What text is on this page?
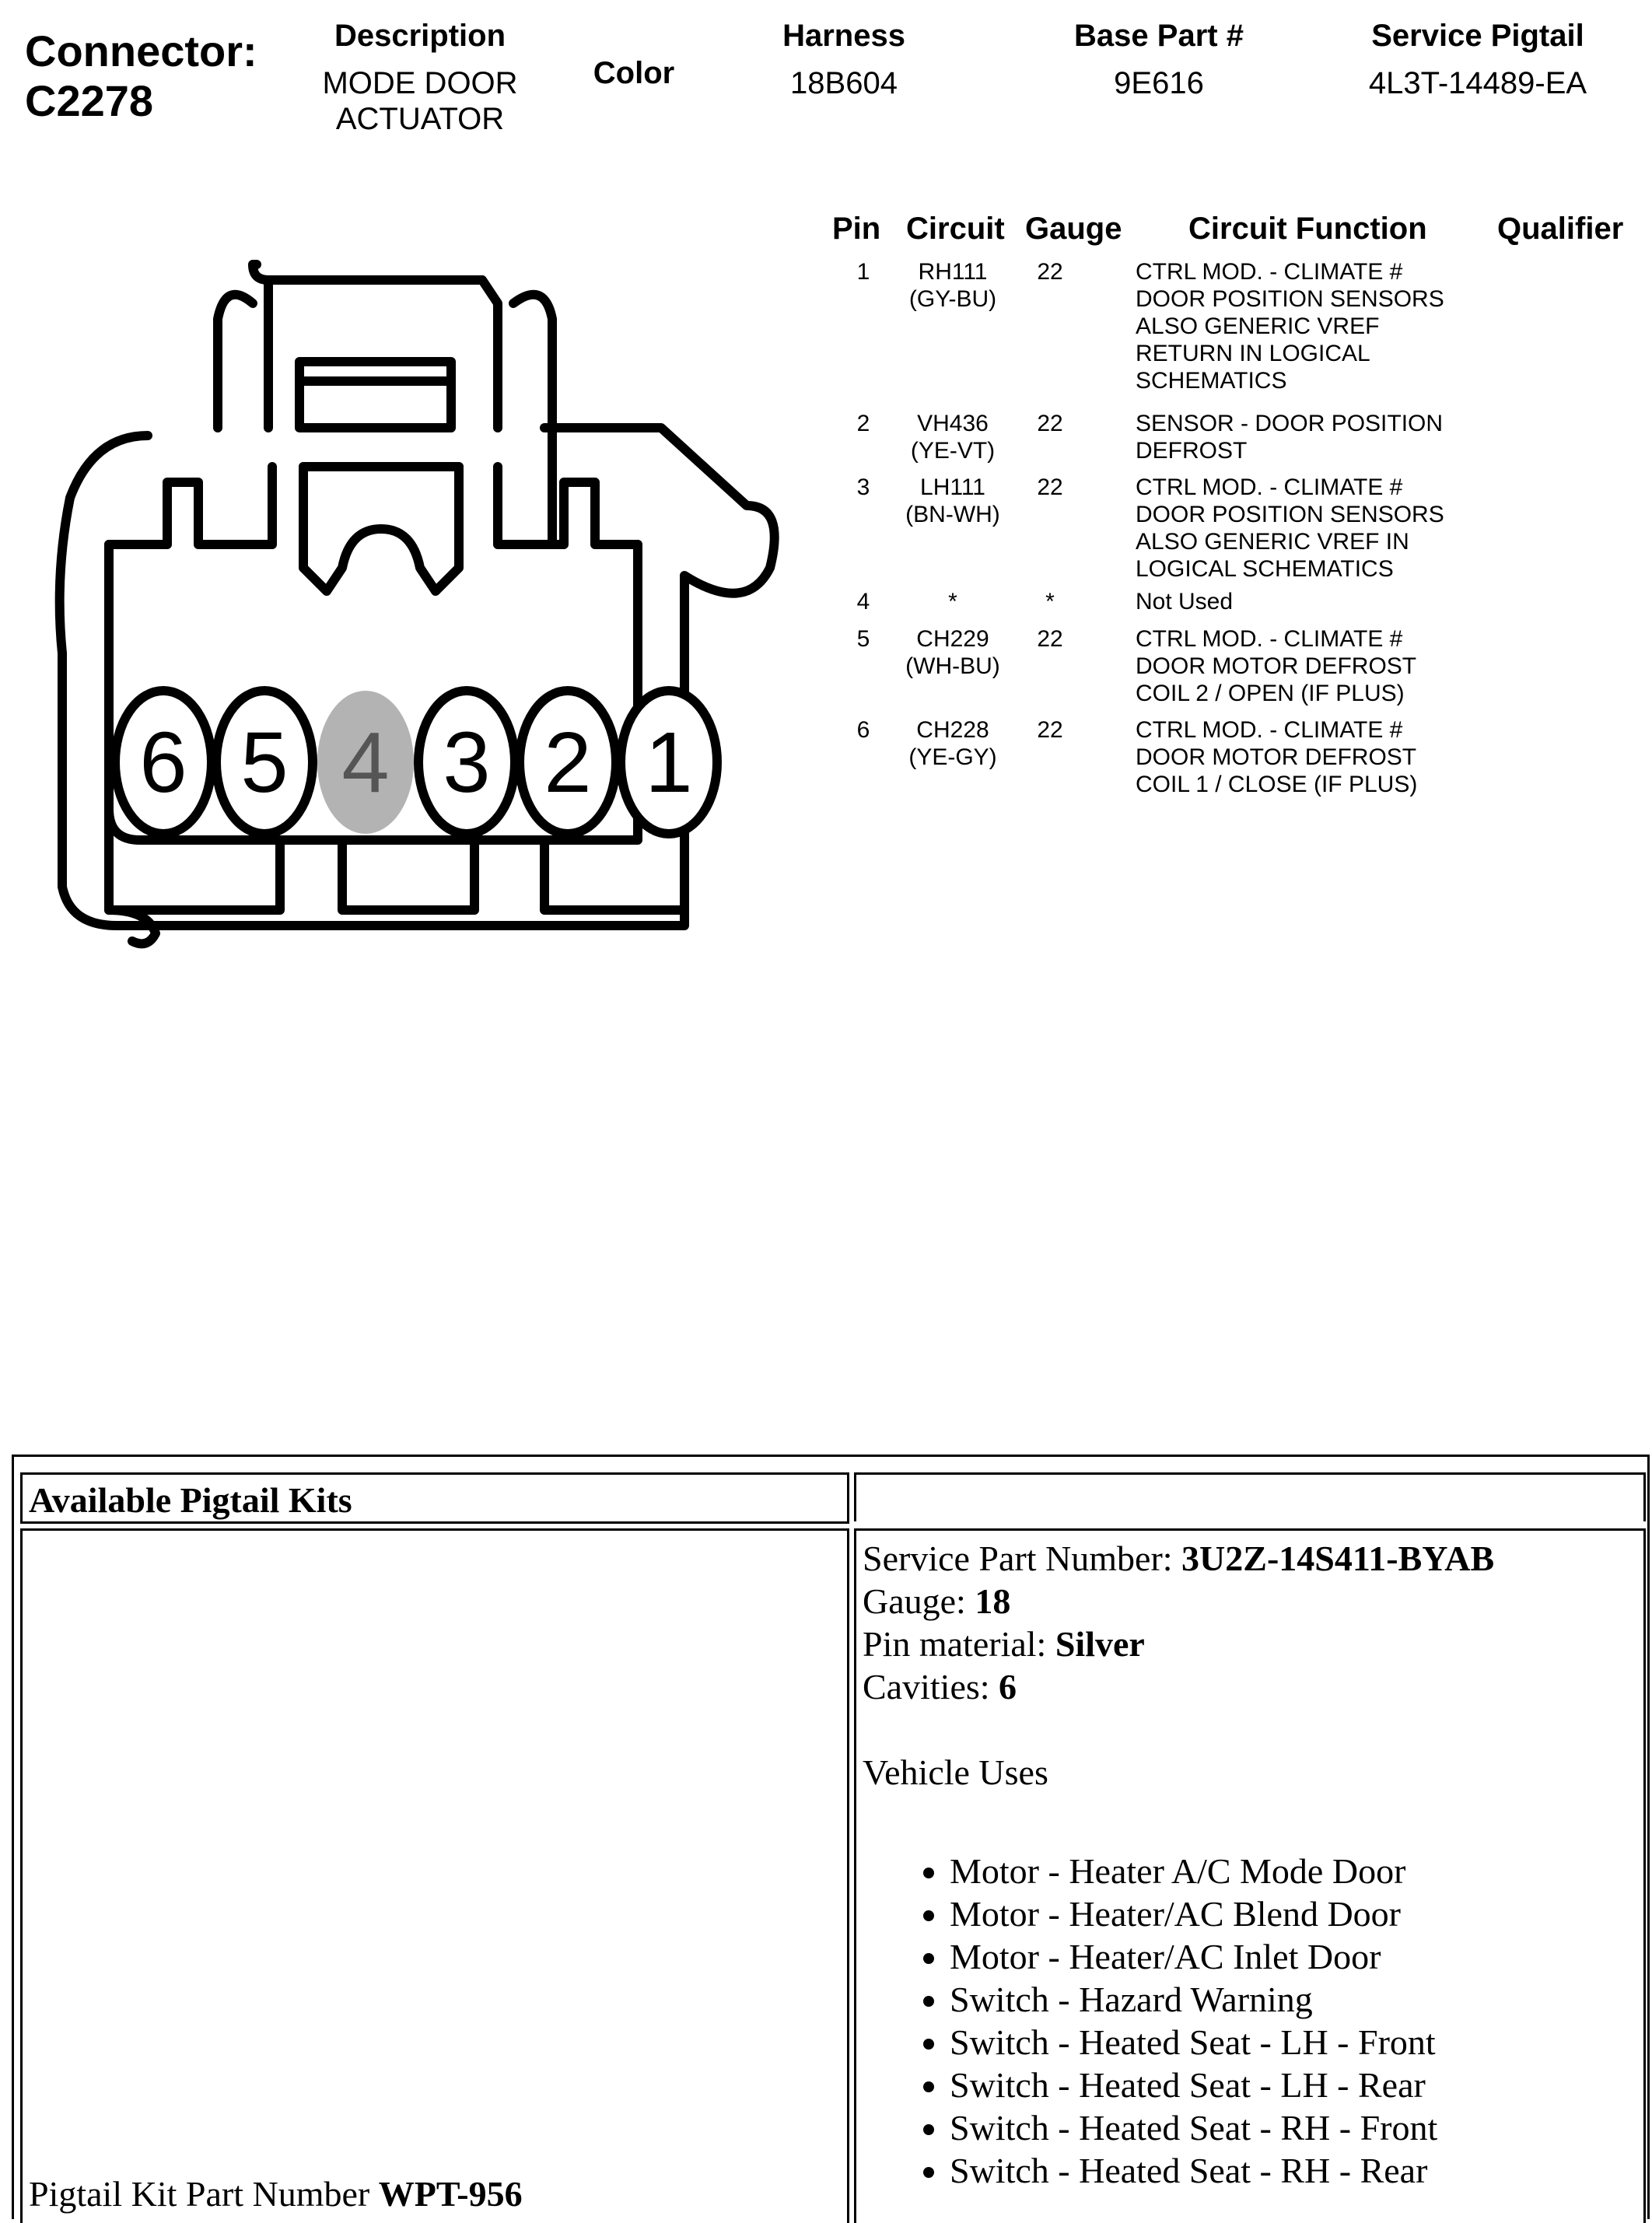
Connector:
C2278
Description
MODE DOOR
ACTUATOR
Color
Harness
18B604
Base Part #
9E616
Service Pigtail
4L3T-14489-EA
6 5 4 3 2 1
Pin Circuit Gauge Circuit Function Qualifier
1	RH111
(GY-BU)
22	CTRL MOD. - CLIMATE #
DOOR POSITION SENSORS
ALSO GENERIC VREF
RETURN IN LOGICAL
SCHEMATICS
2	VH436
(YE-VT)
22	SENSOR - DOOR POSITION
DEFROST
3	LH111
(BN-WH)
22	CTRL MOD. - CLIMATE #
DOOR POSITION SENSORS
ALSO GENERIC VREF IN
LOGICAL SCHEMATICS
4	*	*	Not Used
5	CH229
(WH-BU)
22	CTRL MOD. - CLIMATE #
DOOR MOTOR DEFROST
COIL 2 / OPEN (IF PLUS)
6	CH228
(YE-GY)
22	CTRL MOD. - CLIMATE #
DOOR MOTOR DEFROST
COIL 1 / CLOSE (IF PLUS)
Available Pigtail Kits
Pigtail Kit Part Number WPT-956
Service Part Number: 3U2Z-14S411-BYAB
Gauge: 18
Pin material: Silver
Cavities: 6
Vehicle Uses
• Motor - Heater A/C Mode Door
• Motor - Heater/AC Blend Door
• Motor - Heater/AC Inlet Door
• Switch - Hazard Warning
• Switch - Heated Seat - LH - Front
• Switch - Heated Seat - LH - Rear
• Switch - Heated Seat - RH - Front
• Switch - Heated Seat - RH - Rear
